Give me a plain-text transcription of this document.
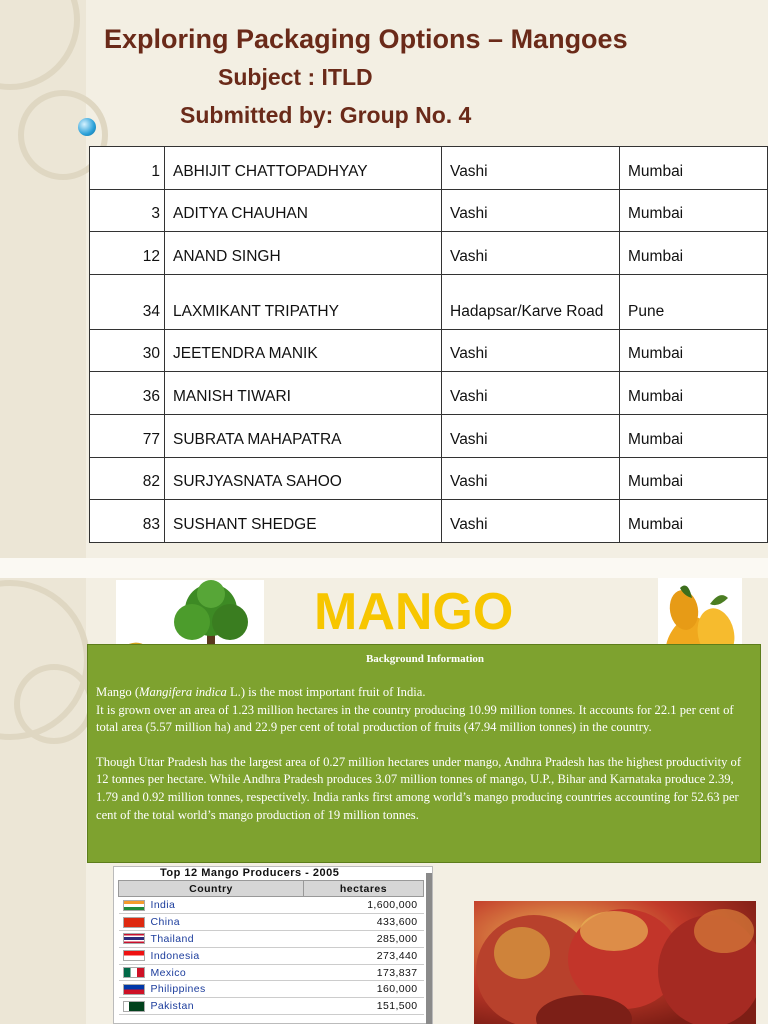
Exploring Packaging Options – Mangoes
Subject : ITLD
Submitted by: Group No. 4
1	ABHIJIT CHATTOPADHYAY	Vashi	Mumbai
3	ADITYA CHAUHAN	Vashi	Mumbai
12	ANAND SINGH	Vashi	Mumbai
34	LAXMIKANT TRIPATHY	Hadapsar/Karve Road	Pune
30	JEETENDRA MANIK	Vashi	Mumbai
36	MANISH TIWARI	Vashi	Mumbai
77	SUBRATA MAHAPATRA	Vashi	Mumbai
82	SURJYASNATA SAHOO	Vashi	Mumbai
83	SUSHANT SHEDGE	Vashi	Mumbai
MANGO
Background Information

Mango (Mangifera indica L.) is the most important fruit of India.
It is grown over an area of 1.23 million hectares in the country producing 10.99 million tonnes. It accounts for 22.1 per cent of total area (5.57 million ha) and 22.9 per cent of total production of fruits (47.94 million tonnes) in the country.

Though Uttar Pradesh has the largest area of 0.27 million hectares under mango, Andhra Pradesh has the highest productivity of 12 tonnes per hectare. While Andhra Pradesh produces 3.07 million tonnes of mango, U.P., Bihar and Karnataka produce 2.39, 1.79 and 0.92 million tonnes, respectively. India ranks first among world’s mango producing countries accounting for 52.63 per cent of the total world’s mango production of 19 million tonnes.

Top 12 Mango Producers - 2005
Country	hectares
India	1,600,000
China	433,600
Thailand	285,000
Indonesia	273,440
Mexico	173,837
Philippines	160,000
Pakistan	151,500
